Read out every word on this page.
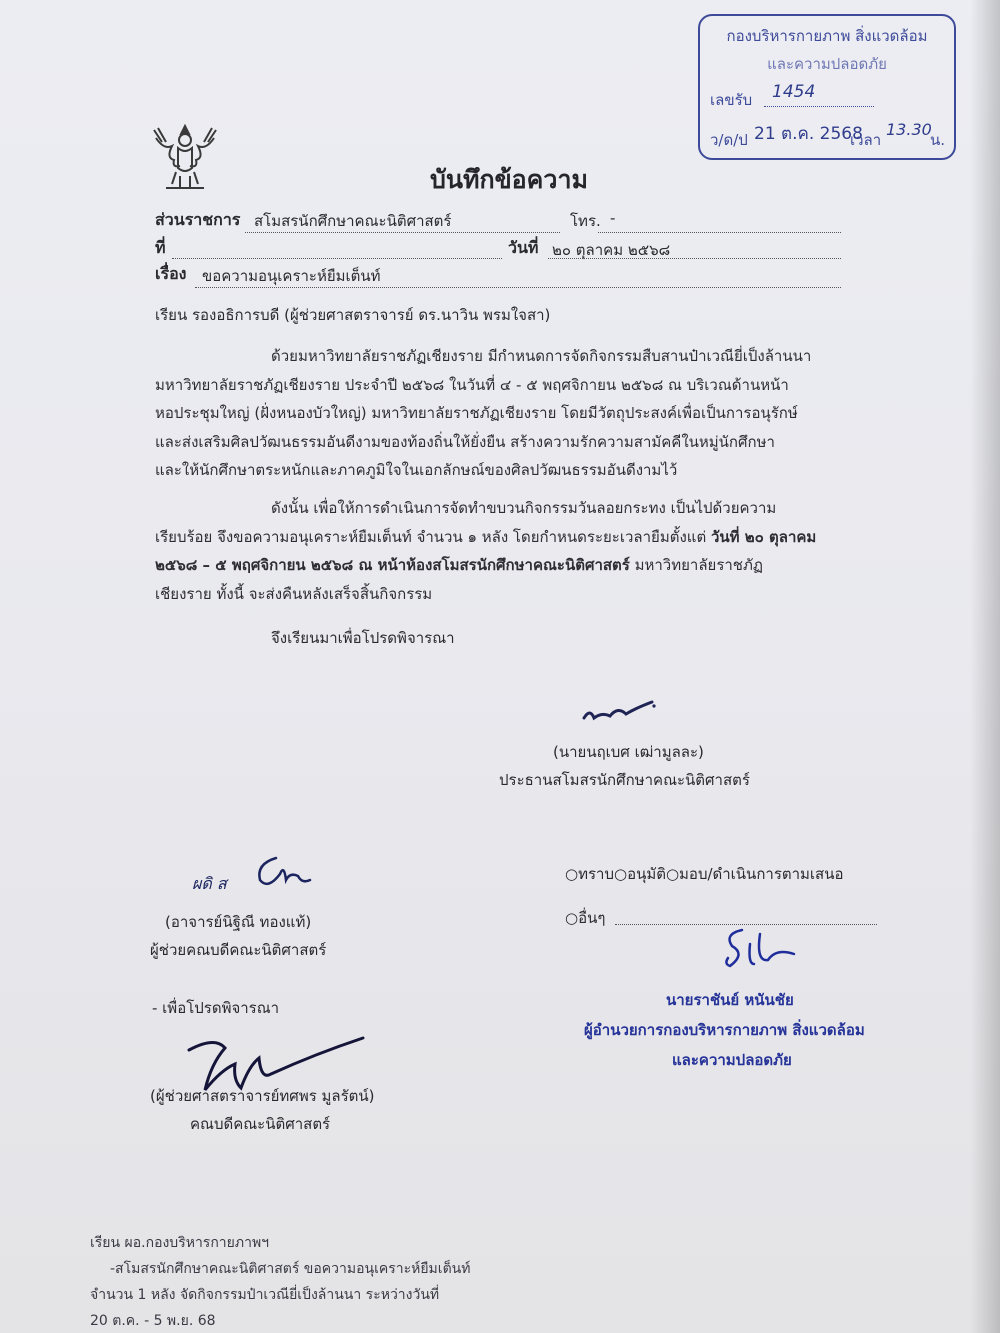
กองบริหารกายภาพ สิ่งแวดล้อม
และความปลอดภัย
เลขรับ 1454
ว/ด/ป 21 ต.ค. 2568
เวลา
13.30
น.
บันทึกข้อความ
ส่วนราชการ สโมสรนักศึกษาคณะนิติศาสตร์	โทร. -
ที่	วันที่ ๒๐ ตุลาคม ๒๕๖๘
เรื่อง ขอความอนุเคราะห์ยืมเต็นท์
เรียน รองอธิการบดี (ผู้ช่วยศาสตราจารย์ ดร.นาวิน พรมใจสา)
ด้วยมหาวิทยาลัยราชภัฏเชียงราย มีกำหนดการจัดกิจกรรมสืบสานป๋าเวณียี่เป็งล้านนา
มหาวิทยาลัยราชภัฏเชียงราย ประจำปี ๒๕๖๘ ในวันที่ ๔ - ๕ พฤศจิกายน ๒๕๖๘ ณ บริเวณด้านหน้า
หอประชุมใหญ่ (ฝั่งหนองบัวใหญ่) มหาวิทยาลัยราชภัฏเชียงราย โดยมีวัตถุประสงค์เพื่อเป็นการอนุรักษ์
และส่งเสริมศิลปวัฒนธรรมอันดีงามของท้องถิ่นให้ยั่งยืน สร้างความรักความสามัคคีในหมู่นักศึกษา
และให้นักศึกษาตระหนักและภาคภูมิใจในเอกลักษณ์ของศิลปวัฒนธรรมอันดีงามไว้
ดังนั้น เพื่อให้การดำเนินการจัดทำขบวนกิจกรรมวันลอยกระทง เป็นไปด้วยความ
เรียบร้อย จึงขอความอนุเคราะห์ยืมเต็นท์ จำนวน ๑ หลัง โดยกำหนดระยะเวลายืมตั้งแต่ วันที่ ๒๐ ตุลาคม
๒๕๖๘ – ๕ พฤศจิกายน ๒๕๖๘ ณ หน้าห้องสโมสรนักศึกษาคณะนิติศาสตร์ มหาวิทยาลัยราชภัฏ
เชียงราย ทั้งนี้ จะส่งคืนหลังเสร็จสิ้นกิจกรรม
จึงเรียนมาเพื่อโปรดพิจารณา
(นายนฤเบศ เฒ่ามูลละ)
ประธานสโมสรนักศึกษาคณะนิติศาสตร์
ผดิ ส
(อาจารย์นิฐิณี ทองแท้)
ผู้ช่วยคณบดีคณะนิติศาสตร์
- เพื่อโปรดพิจารณา
(ผู้ช่วยศาสตราจารย์ทศพร มูลรัตน์)
คณบดีคณะนิติศาสตร์
○ทราบ○อนุมัติ○มอบ/ดำเนินการตามเสนอ
○อื่นๆ
นายราชันย์ หนันชัย
ผู้อำนวยการกองบริหารกายภาพ สิ่งแวดล้อม
และความปลอดภัย
เรียน ผอ.กองบริหารกายภาพฯ
-สโมสรนักศึกษาคณะนิติศาสตร์ ขอความอนุเคราะห์ยืมเต็นท์
จำนวน 1 หลัง จัดกิจกรรมป๋าเวณียี่เป็งล้านนา ระหว่างวันที่
20 ต.ค. - 5 พ.ย. 68
